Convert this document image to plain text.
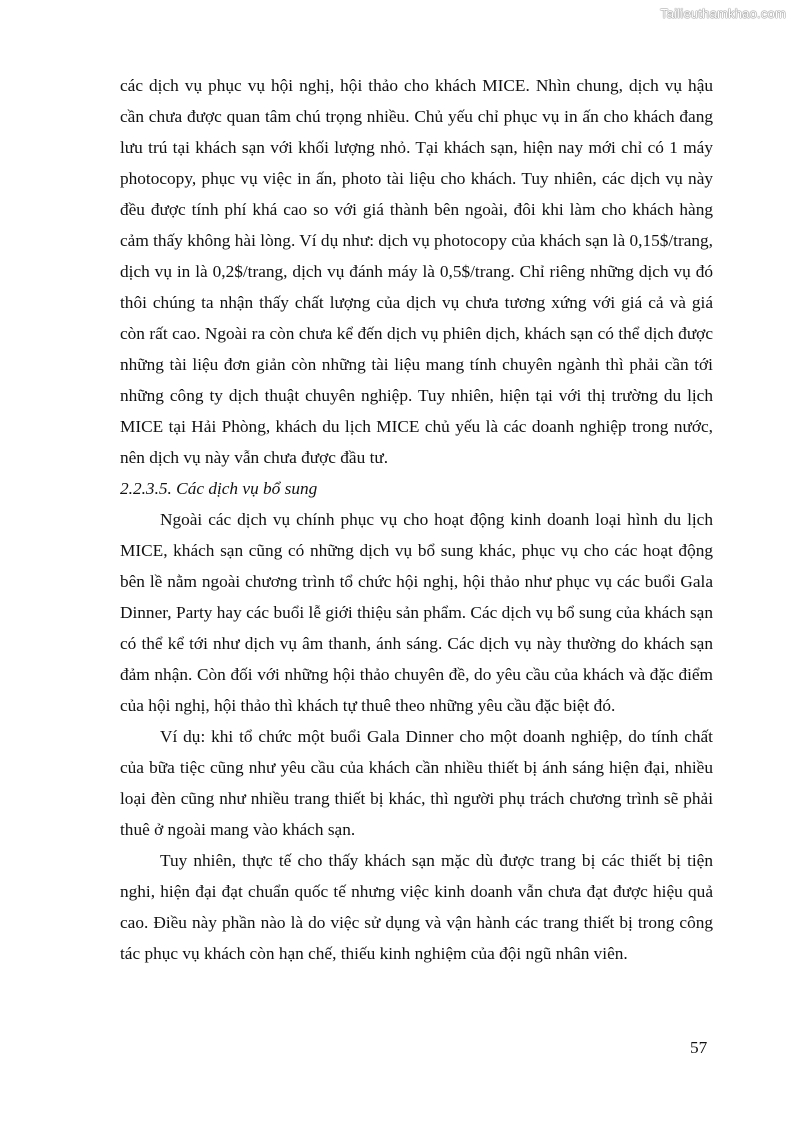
Tailieuthamkhao.com

các dịch vụ phục vụ hội nghị, hội thảo cho khách MICE. Nhìn chung, dịch vụ hậu cần chưa được quan tâm chú trọng nhiều. Chủ yếu chỉ phục vụ in ấn cho khách đang lưu trú tại khách sạn với khối lượng nhỏ. Tại khách sạn, hiện nay mới chỉ có 1 máy photocopy, phục vụ việc in ấn, photo tài liệu cho khách. Tuy nhiên, các dịch vụ này đều được tính phí khá cao so với giá thành bên ngoài, đôi khi làm cho khách hàng cảm thấy không hài lòng. Ví dụ như: dịch vụ photocopy của khách sạn là 0,15$/trang, dịch vụ in là 0,2$/trang, dịch vụ đánh máy là 0,5$/trang. Chỉ riêng những dịch vụ đó thôi chúng ta nhận thấy chất lượng của dịch vụ chưa tương xứng với giá cả và giá còn rất cao. Ngoài ra còn chưa kể đến dịch vụ phiên dịch, khách sạn có thể dịch được những tài liệu đơn giản còn những tài liệu mang tính chuyên ngành thì phải cần tới những công ty dịch thuật chuyên nghiệp. Tuy nhiên, hiện tại với thị trường du lịch MICE tại Hải Phòng, khách du lịch MICE chủ yếu là các doanh nghiệp trong nước, nên dịch vụ này vẫn chưa được đầu tư.

2.2.3.5. Các dịch vụ bổ sung

Ngoài các dịch vụ chính phục vụ cho hoạt động kinh doanh loại hình du lịch MICE, khách sạn cũng có những dịch vụ bổ sung khác, phục vụ cho các hoạt động bên lề nằm ngoài chương trình tổ chức hội nghị, hội thảo như phục vụ các buổi Gala Dinner, Party hay các buổi lễ giới thiệu sản phẩm. Các dịch vụ bổ sung của khách sạn có thể kể tới như dịch vụ âm thanh, ánh sáng. Các dịch vụ này thường do khách sạn đảm nhận. Còn đối với những hội thảo chuyên đề, do yêu cầu của khách và đặc điểm của hội nghị, hội thảo thì khách tự thuê theo những yêu cầu đặc biệt đó.

Ví dụ: khi tổ chức một buổi Gala Dinner cho một doanh nghiệp, do tính chất của bữa tiệc cũng như yêu cầu của khách cần nhiều thiết bị ánh sáng hiện đại, nhiều loại đèn cũng như nhiều trang thiết bị khác, thì người phụ trách chương trình sẽ phải thuê ở ngoài mang vào khách sạn.

Tuy nhiên, thực tế cho thấy khách sạn mặc dù được trang bị các thiết bị tiện nghi, hiện đại đạt chuẩn quốc tế nhưng việc kinh doanh vẫn chưa đạt được hiệu quả cao. Điều này phần nào là do việc sử dụng và vận hành các trang thiết bị trong công tác phục vụ khách còn hạn chế, thiếu kinh nghiệm của đội ngũ nhân viên.

57
